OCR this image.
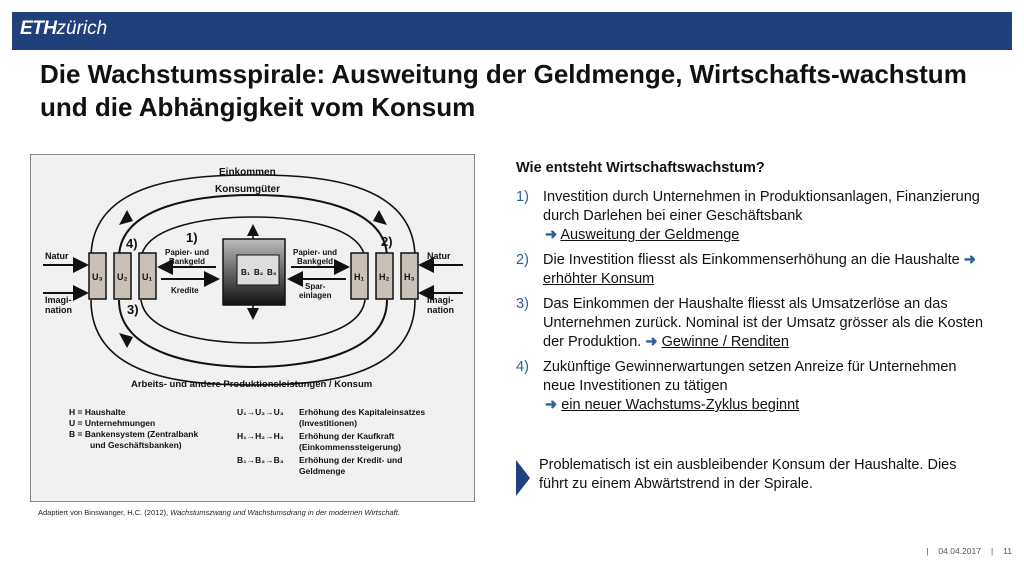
ETHzürich
Die Wachstumsspirale: Ausweitung der Geldmenge, Wirtschafts-wachstum und die Abhängigkeit vom Konsum
U₃ U₂ U₁	H₁ H₂ H₃
B₁ B₂ B₃
Einkommen
Konsumgüter
1)	2)
3)
4)
Natur	Natur
Imagi-
nation
Imagi-
nation
Papier- und
Bankgeld
Papier- und
Bankgeld
Kredite	Spar-
einlagen
Arbeits- und andere Produktionsleistungen / Konsum
H = Haushalte
U = Unternehmungen
B = Bankensystem (Zentralbank
und Geschäftsbanken)
U₁→U₂→U₃ Erhöhung des Kapitaleinsatzes
(Investitionen)
H₁→H₂→H₃ Erhöhung der Kaufkraft
(Einkommenssteigerung)
B₁→B₂→B₃ Erhöhung der Kredit- und
Geldmenge
Adaptiert von Binswanger, H.C. (2012), Wachstumszwang und Wachstumsdrang in der modernen Wirtschaft.
Wie entsteht Wirtschaftswachstum?
1) Investition durch Unternehmen in Produktionsanlagen, Finanzierung durch Darlehen bei einer Geschäftsbank
➜ Ausweitung der Geldmenge
2) Die Investition fliesst als Einkommenserhöhung an die Haushalte ➜ erhöhter Konsum
3) Das Einkommen der Haushalte fliesst als Umsatzerlöse an das Unternehmen zurück. Nominal ist der Umsatz grösser als die Kosten der Produktion. ➜ Gewinne / Renditen
4) Zukünftige Gewinnerwartungen setzen Anreize für Unternehmen neue Investitionen zu tätigen
➜ ein neuer Wachstums-Zyklus beginnt
Problematisch ist ein ausbleibender Konsum der Haushalte. Dies führt zu einem Abwärtstrend in der Spirale.
| 04.04.2017 | 11
